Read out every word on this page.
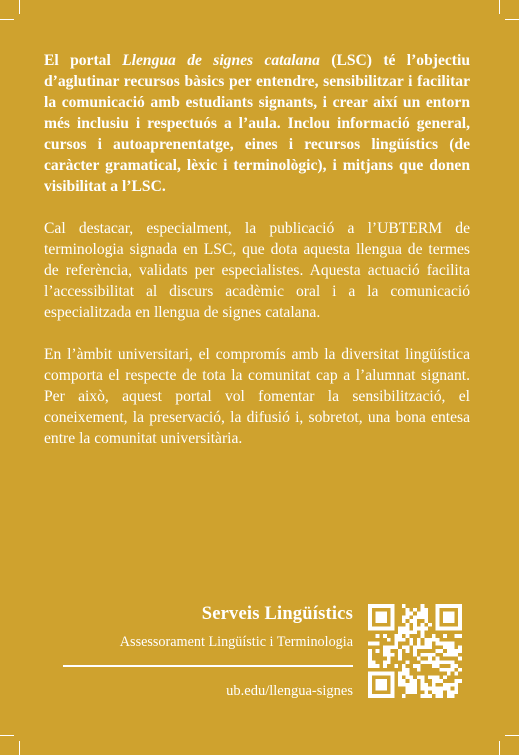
El portal Llengua de signes catalana (LSC) té l’objectiu d’aglutinar recursos bàsics per entendre, sensibilitzar i facilitar la comunicació amb estudiants signants, i crear així un entorn més inclusiu i respectuós a l’aula. Inclou informació general, cursos i autoaprenentatge, eines i recursos lingüístics (de caràcter gramatical, lèxic i terminològic), i mitjans que donen visibilitat a l’LSC.

Cal destacar, especialment, la publicació a l’UBTERM de terminologia signada en LSC, que dota aquesta llengua de termes de referència, validats per especialistes. Aquesta actuació facilita l’accessibilitat al discurs acadèmic oral i a la comunicació especialitzada en llengua de signes catalana.

En l’àmbit universitari, el compromís amb la diversitat lingüística comporta el respecte de tota la comunitat cap a l’alumnat signant. Per això, aquest portal vol fomentar la sensibilització, el coneixement, la preservació, la difusió i, sobretot, una bona entesa entre la comunitat universitària.

Serveis Lingüístics
Assessorament Lingüístic i Terminologia
ub.edu/llengua-signes
